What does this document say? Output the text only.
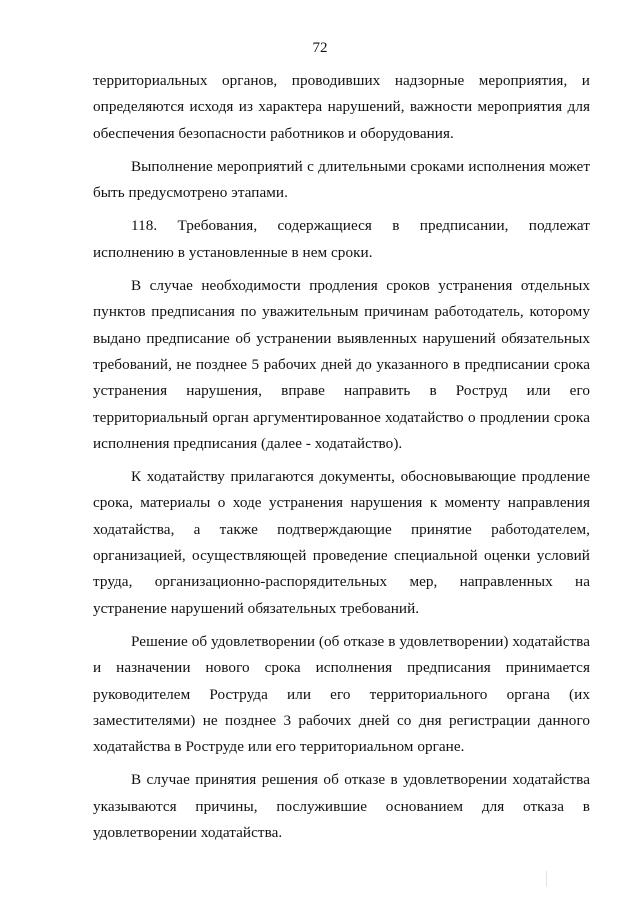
72

территориальных органов, проводивших надзорные мероприятия, и определяются исходя из характера нарушений, важности мероприятия для обеспечения безопасности работников и оборудования.

Выполнение мероприятий с длительными сроками исполнения может быть предусмотрено этапами.

118. Требования, содержащиеся в предписании, подлежат исполнению в установленные в нем сроки.

В случае необходимости продления сроков устранения отдельных пунктов предписания по уважительным причинам работодатель, которому выдано предписание об устранении выявленных нарушений обязательных требований, не позднее 5 рабочих дней до указанного в предписании срока устранения нарушения, вправе направить в Роструд или его территориальный орган аргументированное ходатайство о продлении срока исполнения предписания (далее - ходатайство).

К ходатайству прилагаются документы, обосновывающие продление срока, материалы о ходе устранения нарушения к моменту направления ходатайства, а также подтверждающие принятие работодателем, организацией, осуществляющей проведение специальной оценки условий труда, организационно-распорядительных мер, направленных на устранение нарушений обязательных требований.

Решение об удовлетворении (об отказе в удовлетворении) ходатайства и назначении нового срока исполнения предписания принимается руководителем Роструда или его территориального органа (их заместителями) не позднее 3 рабочих дней со дня регистрации данного ходатайства в Роструде или его территориальном органе.

В случае принятия решения об отказе в удовлетворении ходатайства указываются причины, послужившие основанием для отказа в удовлетворении ходатайства.
